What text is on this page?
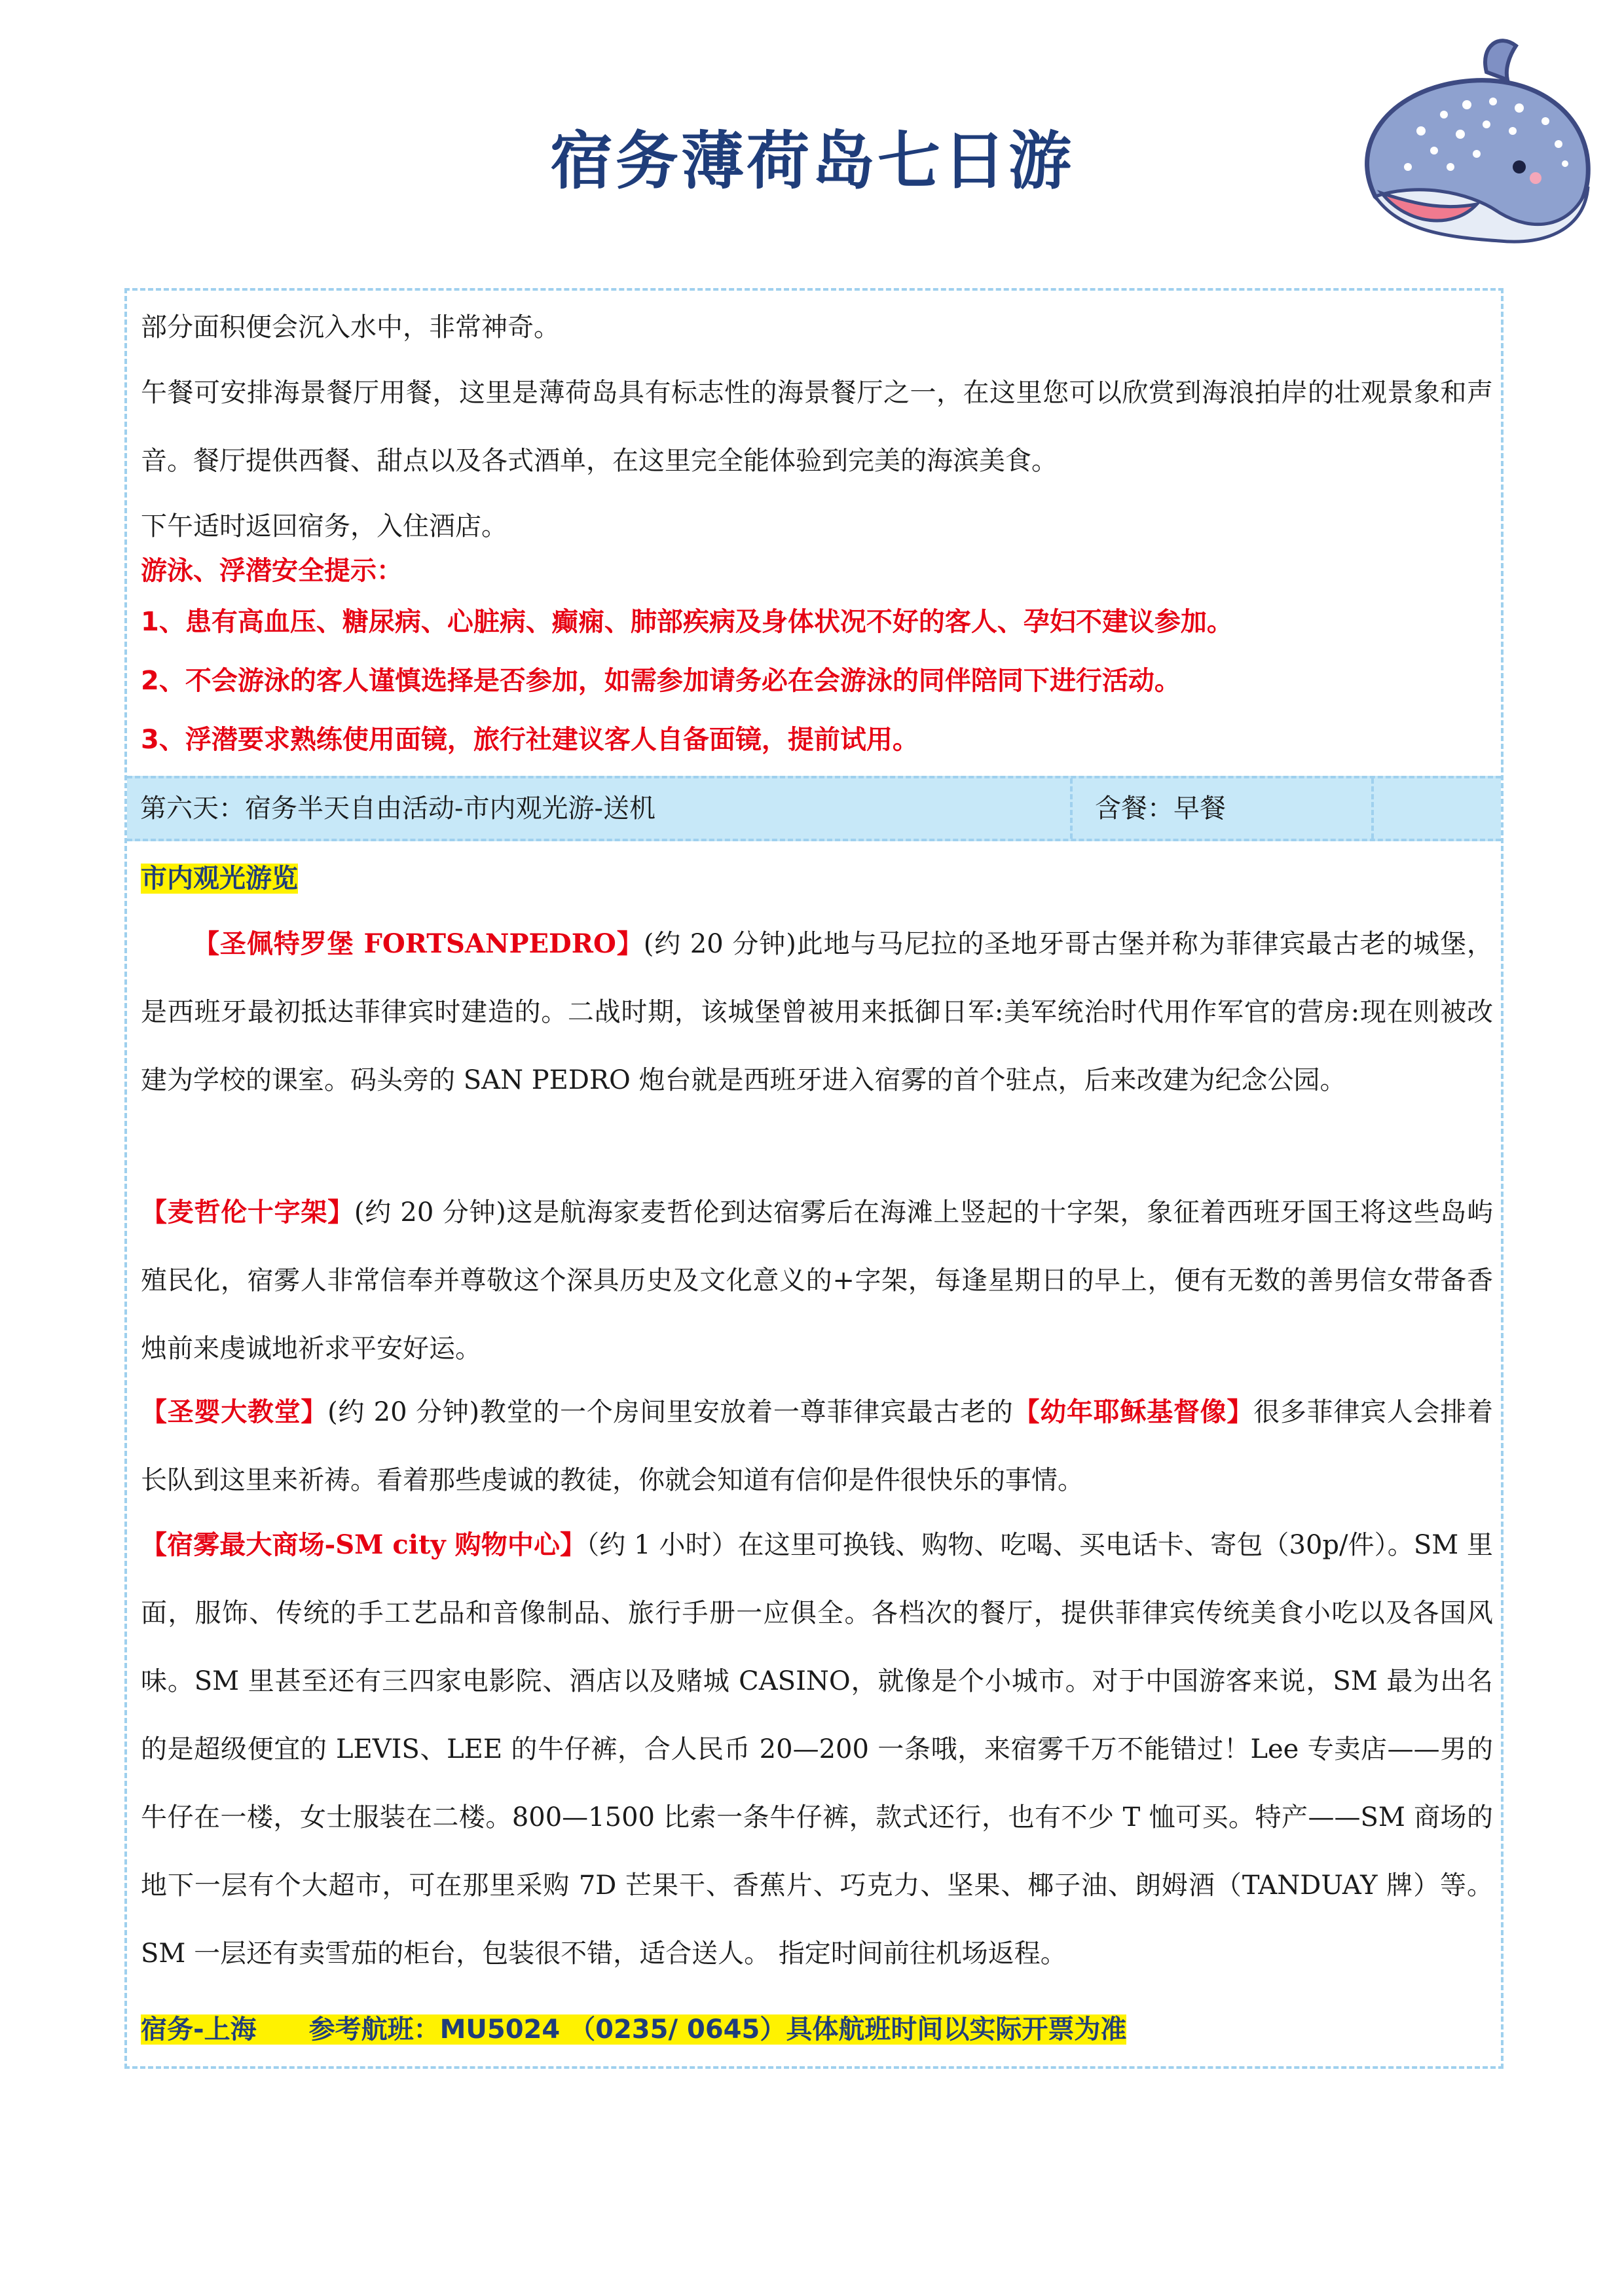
宿务薄荷岛七日游

部分面积便会沉入水中，非常神奇。

午餐可安排海景餐厅用餐，这里是薄荷岛具有标志性的海景餐厅之一，在这里您可以欣赏到海浪拍岸的壮观景象和声音。餐厅提供西餐、甜点以及各式酒单，在这里完全能体验到完美的海滨美食。

下午适时返回宿务，入住酒店。

游泳、浮潜安全提示：

1、患有高血压、糖尿病、心脏病、癫痫、肺部疾病及身体状况不好的客人、孕妇不建议参加。

2、不会游泳的客人谨慎选择是否参加，如需参加请务必在会游泳的同伴陪同下进行活动。

3、浮潜要求熟练使用面镜，旅行社建议客人自备面镜，提前试用。

第六天：宿务半天自由活动-市内观光游-送机	含餐：早餐

市内观光游览

【圣佩特罗堡 FORTSANPEDRO】(约 20 分钟)此地与马尼拉的圣地牙哥古堡并称为菲律宾最古老的城堡，是西班牙最初抵达菲律宾时建造的。二战时期，该城堡曾被用来抵御日军:美军统治时代用作军官的营房:现在则被改建为学校的课室。码头旁的 SAN PEDRO 炮台就是西班牙进入宿雾的首个驻点，后来改建为纪念公园。

【麦哲伦十字架】(约 20 分钟)这是航海家麦哲伦到达宿雾后在海滩上竖起的十字架，象征着西班牙国王将这些岛屿殖民化，宿雾人非常信奉并尊敬这个深具历史及文化意义的+字架，每逢星期日的早上，便有无数的善男信女带备香烛前来虔诚地祈求平安好运。

【圣婴大教堂】(约 20 分钟)教堂的一个房间里安放着一尊菲律宾最古老的【幼年耶稣基督像】很多菲律宾人会排着长队到这里来祈祷。看着那些虔诚的教徒，你就会知道有信仰是件很快乐的事情。

【宿雾最大商场-SM city 购物中心】（约 1 小时）在这里可换钱、购物、吃喝、买电话卡、寄包（30p/件）。SM 里面，服饰、传统的手工艺品和音像制品、旅行手册一应俱全。各档次的餐厅，提供菲律宾传统美食小吃以及各国风味。SM 里甚至还有三四家电影院、酒店以及赌城 CASINO，就像是个小城市。对于中国游客来说，SM 最为出名的是超级便宜的 LEVIS、LEE 的牛仔裤，合人民币 20—200 一条哦，来宿雾千万不能错过！Lee 专卖店——男的牛仔在一楼，女士服装在二楼。800—1500 比索一条牛仔裤，款式还行，也有不少 T 恤可买。特产——SM 商场的地下一层有个大超市，可在那里采购 7D 芒果干、香蕉片、巧克力、坚果、椰子油、朗姆酒（TANDUAY 牌）等。SM 一层还有卖雪茄的柜台，包装很不错，适合送人。 指定时间前往机场返程。

宿务-上海　　参考航班：MU5024 （0235/ 0645）具体航班时间以实际开票为准
